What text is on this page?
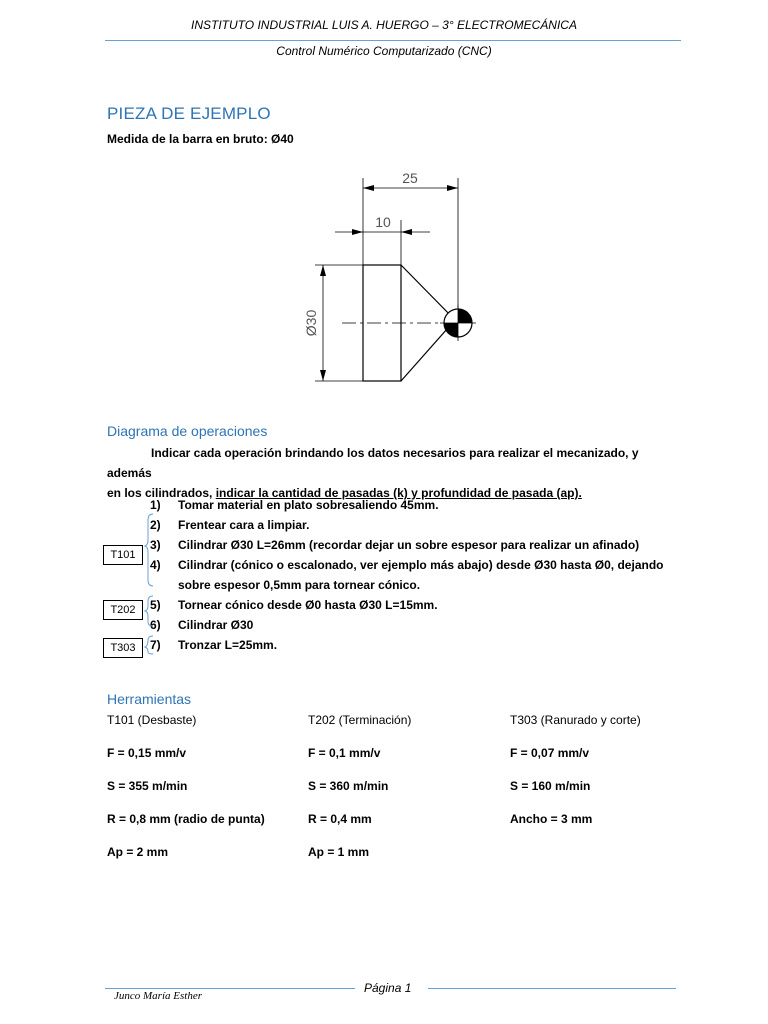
INSTITUTO INDUSTRIAL LUIS A. HUERGO – 3° ELECTROMECÁNICA
Control Numérico Computarizado (CNC)
PIEZA DE EJEMPLO
Medida de la barra en bruto: Ø40
25
10
Ø30
Diagrama de operaciones
Indicar cada operación brindando los datos necesarios para realizar el mecanizado, y además
en los cilindrados, indicar la cantidad de pasadas (k) y profundidad de pasada (ap).
1) Tomar material en plato sobresaliendo 45mm.
2) Frentear cara a limpiar.
3) Cilindrar Ø30 L=26mm (recordar dejar un sobre espesor para realizar un afinado)
4) Cilindrar (cónico o escalonado, ver ejemplo más abajo) desde Ø30 hasta Ø0, dejando
sobre espesor 0,5mm para tornear cónico.
5) Tornear cónico desde Ø0 hasta Ø30 L=15mm.
6) Cilindrar Ø30
7) Tronzar L=25mm.
T101
T202
T303
Herramientas
T101 (Desbaste)	T202 (Terminación)	T303 (Ranurado y corte)
F = 0,15 mm/v	F = 0,1 mm/v	F = 0,07 mm/v
S = 355 m/min	S = 360 m/min	S = 160 m/min
R = 0,8 mm (radio de punta)	R = 0,4 mm	Ancho = 3 mm
Ap = 2 mm	Ap = 1 mm
Página 1
Junco María Esther
